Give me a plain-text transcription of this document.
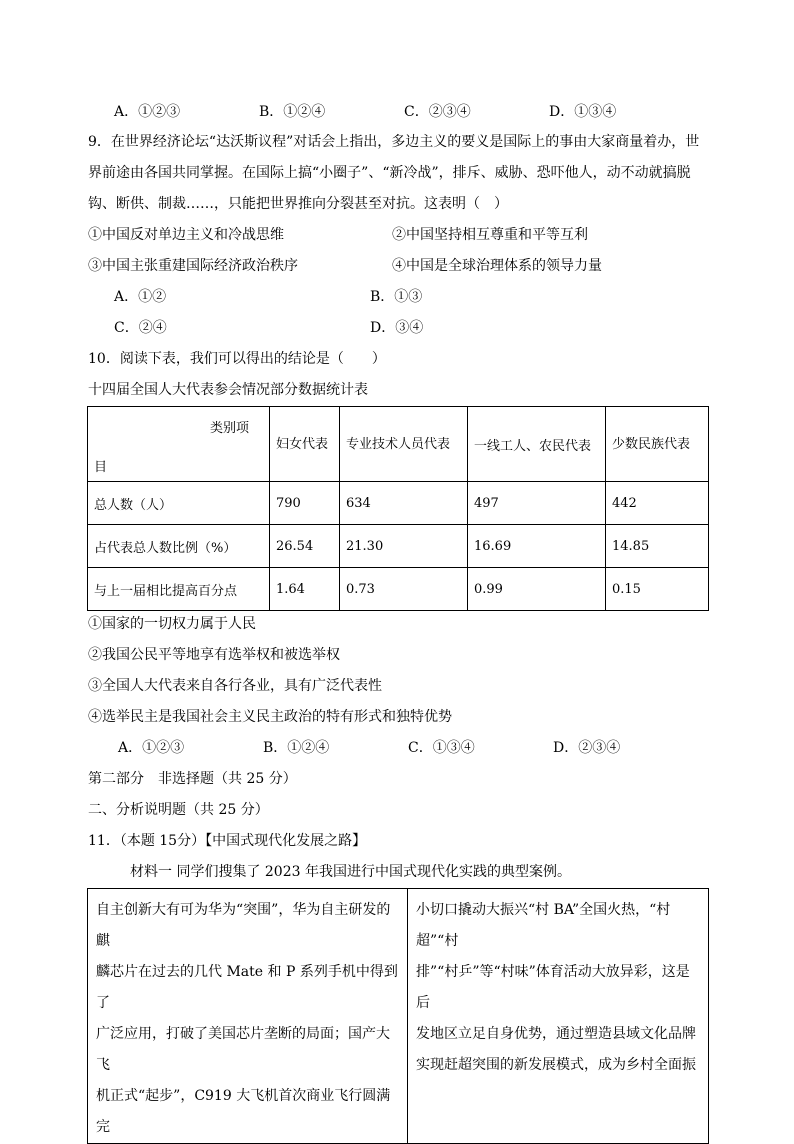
A．①②③	B．①②④	C．②③④	D．①③④
9．在世界经济论坛“达沃斯议程”对话会上指出，多边主义的要义是国际上的事由大家商量着办，世
界前途由各国共同掌握。在国际上搞“小圈子”、“新冷战”，排斥、威胁、恐吓他人，动不动就搞脱
钩、断供、制裁……，只能把世界推向分裂甚至对抗。这表明（　）
①中国反对单边主义和冷战思维	②中国坚持相互尊重和平等互利
③中国主张重建国际经济政治秩序	④中国是全球治理体系的领导力量
A．①②	B．①③
C．②④	D．③④
10．阅读下表，我们可以得出的结论是（　　）
十四届全国人大代表参会情况部分数据统计表
类别项
目	妇女代表	专业技术人员代表	一线工人、农民代表	少数民族代表

总人数（人）	790	634	497	442
占代表总人数比例（%）	26.54	21.30	16.69	14.85
与上一届相比提高百分点	1.64	0.73	0.99	0.15
①国家的一切权力属于人民
②我国公民平等地享有选举权和被选举权
③全国人大代表来自各行各业，具有广泛代表性
④选举民主是我国社会主义民主政治的特有形式和独特优势
A．①②③	B．①②④	C．①③④	D．②③④
第二部分　非选择题（共 25 分）
二、分析说明题（共 25 分）
11．（本题 15分）【中国式现代化发展之路】
材料一 同学们搜集了 2023 年我国进行中国式现代化实践的典型案例。
自主创新大有可为华为“突围”，华为自主研发的麒
麟芯片在过去的几代 Mate 和 P 系列手机中得到了
广泛应用，打破了美国芯片垄断的局面；国产大飞
机正式“起步”，C919 大飞机首次商业飞行圆满完

小切口撬动大振兴“村 BA”全国火热，“村超”“村
排”“村乒”等“村味”体育活动大放异彩，这是后
发地区立足自身优势，通过塑造县域文化品牌
实现赶超突围的新发展模式，成为乡村全面振
